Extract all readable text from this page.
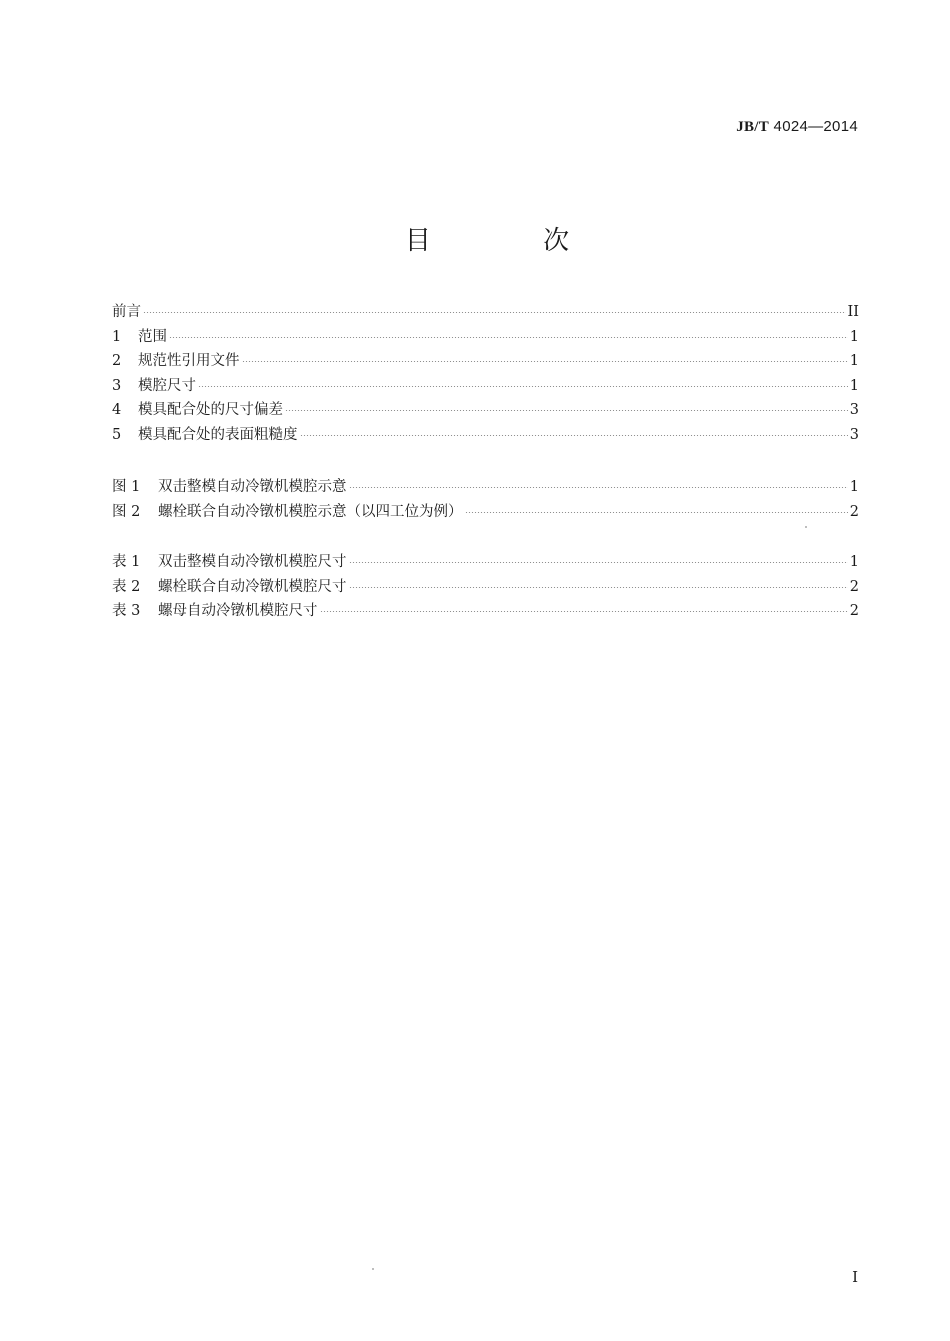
JB/T 4024—2014
目 次
前言	II
1	范围	1
2	规范性引用文件	1
3	模腔尺寸	1
4	模具配合处的尺寸偏差	3
5	模具配合处的表面粗糙度	3
图 1	双击整模自动冷镦机模腔示意	1
图 2	螺栓联合自动冷镦机模腔示意（以四工位为例）	2
表 1	双击整模自动冷镦机模腔尺寸	1
表 2	螺栓联合自动冷镦机模腔尺寸	2
表 3	螺母自动冷镦机模腔尺寸	2
I
